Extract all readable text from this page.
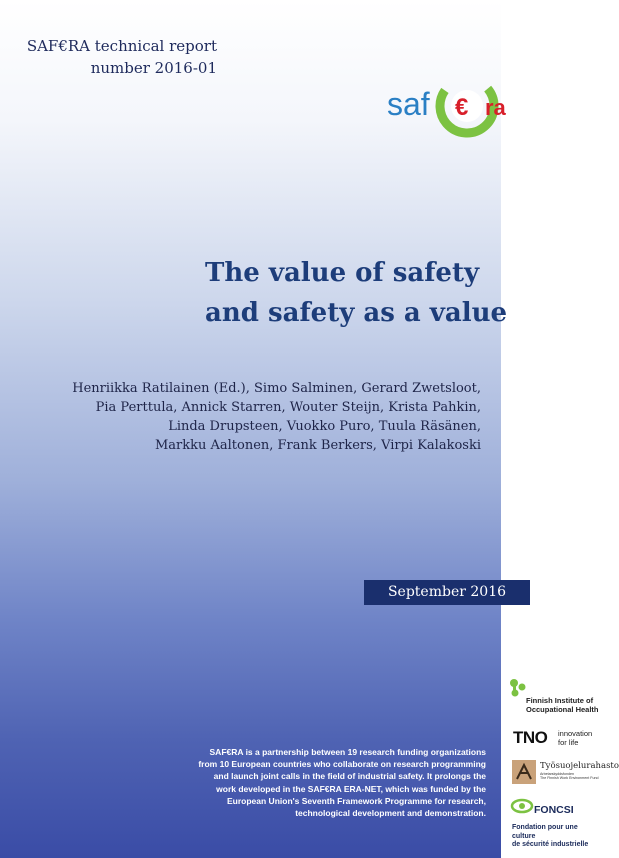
SAF€RA technical report
number 2016-01
saf € ra
The value of safety
and safety as a value
Henriikka Ratilainen (Ed.), Simo Salminen, Gerard Zwetsloot,
Pia Perttula, Annick Starren, Wouter Steijn, Krista Pahkin,
Linda Drupsteen, Vuokko Puro, Tuula Räsänen,
Markku Aaltonen, Frank Berkers, Virpi Kalakoski
September 2016
SAF€RA is a partnership between 19 research funding organizations
from 10 European countries who collaborate on research programming
and launch joint calls in the field of industrial safety. It prolongs the
work developed in the SAF€RA ERA-NET, which was funded by the
European Union's Seventh Framework Programme for research,
technological development and demonstration.
Finnish Institute of
Occupational Health
TNO innovation
for life
Työsuojelurahasto
Arbetarskyddsfonden
The Finnish Work Environment Fund
FONCSI
Fondation pour une culture
de sécurité industrielle
